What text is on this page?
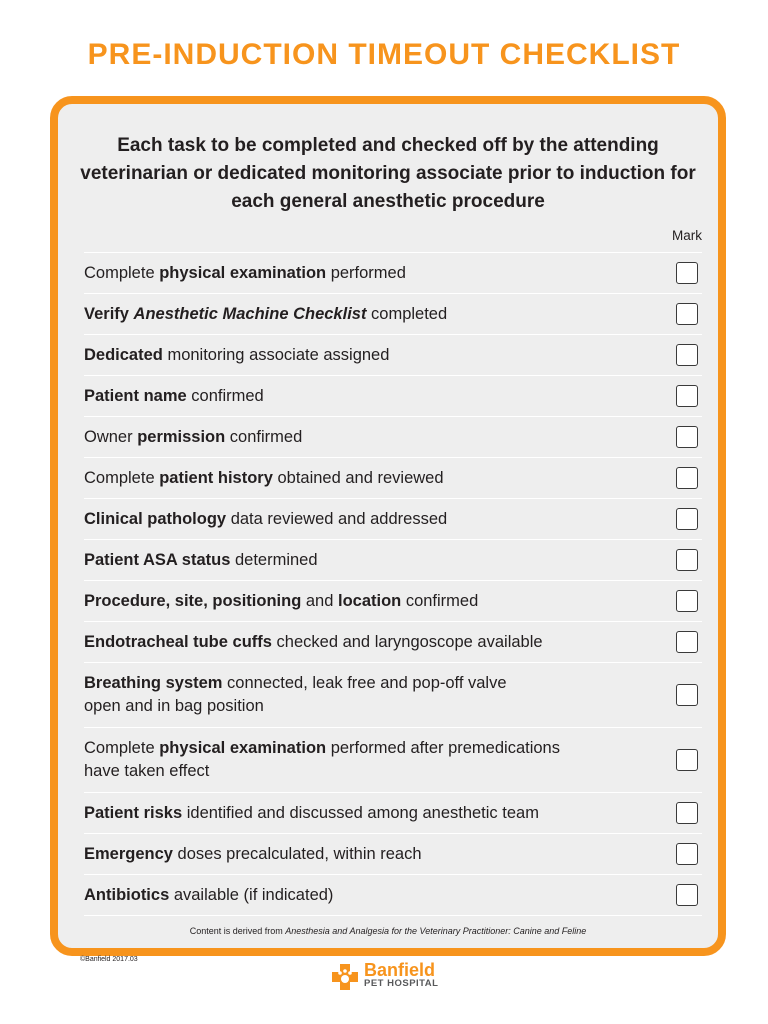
PRE-INDUCTION TIMEOUT CHECKLIST
Each task to be completed and checked off by the attending veterinarian or dedicated monitoring associate prior to induction for each general anesthetic procedure
Mark
Complete physical examination performed
Verify Anesthetic Machine Checklist completed
Dedicated monitoring associate assigned
Patient name confirmed
Owner permission confirmed
Complete patient history obtained and reviewed
Clinical pathology data reviewed and addressed
Patient ASA status determined
Procedure, site, positioning and location confirmed
Endotracheal tube cuffs checked and laryngoscope available
Breathing system connected, leak free and pop-off valve
open and in bag position
Complete physical examination performed after premedications
have taken effect
Patient risks identified and discussed among anesthetic team
Emergency doses precalculated, within reach
Antibiotics available (if indicated)
Content is derived from Anesthesia and Analgesia for the Veterinary Practitioner: Canine and Feline
©Banfield 2017.03
Banfield
PET HOSPITAL
